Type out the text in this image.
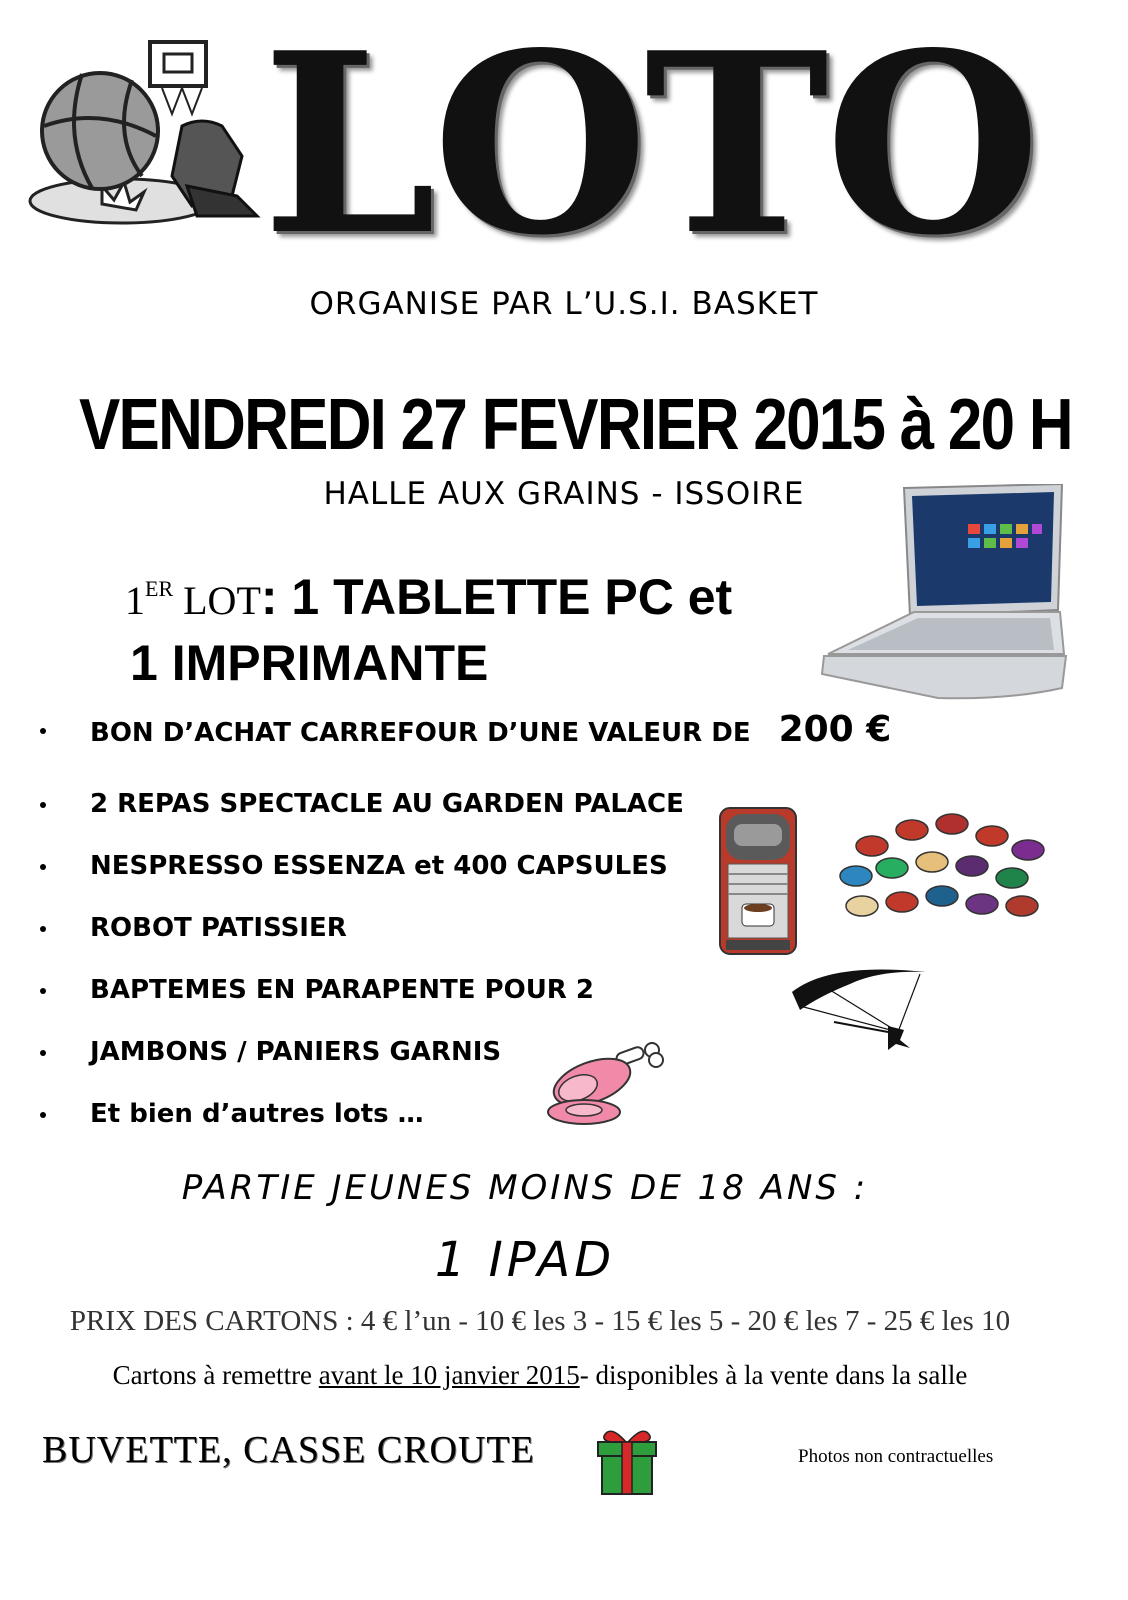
LOTO
ORGANISE PAR L’U.S.I. BASKET
VENDREDI 27 FEVRIER 2015 à 20 H
HALLE AUX GRAINS - ISSOIRE
1ER LOT: 1 TABLETTE PC et
1 IMPRIMANTE
BON D’ACHAT CARREFOUR D’UNE VALEUR DE 200 €
2 REPAS SPECTACLE AU GARDEN PALACE
NESPRESSO ESSENZA et 400 CAPSULES
ROBOT PATISSIER
BAPTEMES EN PARAPENTE POUR 2
JAMBONS / PANIERS GARNIS
Et bien d’autres lots …
PARTIE JEUNES MOINS DE 18 ANS :
1 IPAD
PRIX DES CARTONS : 4 € l’un - 10 € les 3 - 15 € les 5 - 20 € les 7 - 25 € les 10
Cartons à remettre avant le 10 janvier 2015- disponibles à la vente dans la salle
BUVETTE, CASSE CROUTE	Photos non contractuelles
